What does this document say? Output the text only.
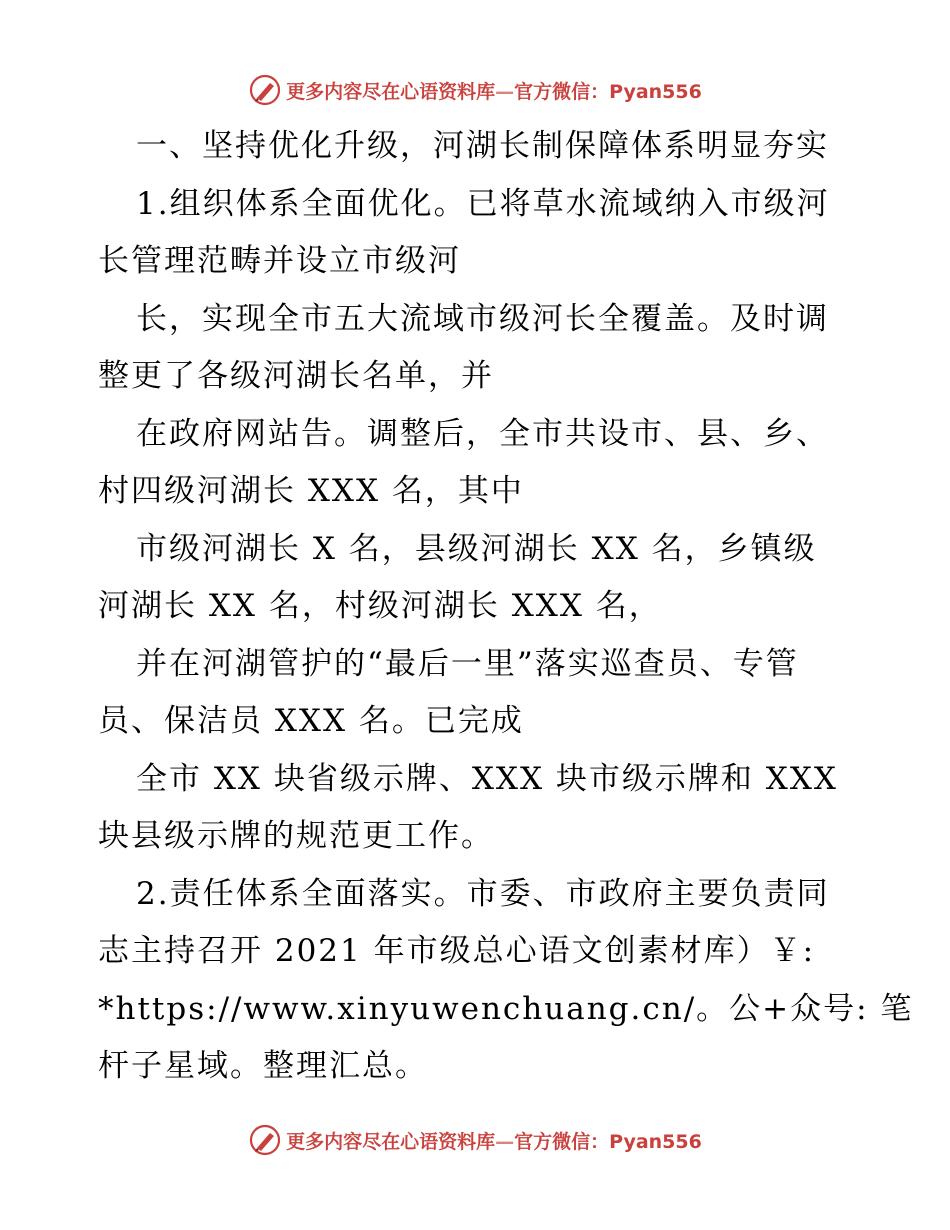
更多内容尽在心语资料库—官方微信：Pyan556
一、坚持优化升级，河湖长制保障体系明显夯实
1.组织体系全面优化。已将草水流域纳入市级河
长管理范畴并设立市级河
长，实现全市五大流域市级河长全覆盖。及时调
整更了各级河湖长名单，并
在政府网站告。调整后，全市共设市、县、乡、
村四级河湖长 XXX 名，其中
市级河湖长 X 名，县级河湖长 XX 名，乡镇级
河湖长 XX 名，村级河湖长 XXX 名，
并在河湖管护的“最后一里”落实巡查员、专管
员、保洁员 XXX 名。已完成
全市 XX 块省级示牌、XXX 块市级示牌和 XXX
块县级示牌的规范更工作。
2.责任体系全面落实。市委、市政府主要负责同
志主持召开 2021 年市级总心语文创素材库）￥:
*https://www.xinyuwenchuang.cn/。公+众号: 笔
杆子星域。整理汇总。
更多内容尽在心语资料库—官方微信：Pyan556
